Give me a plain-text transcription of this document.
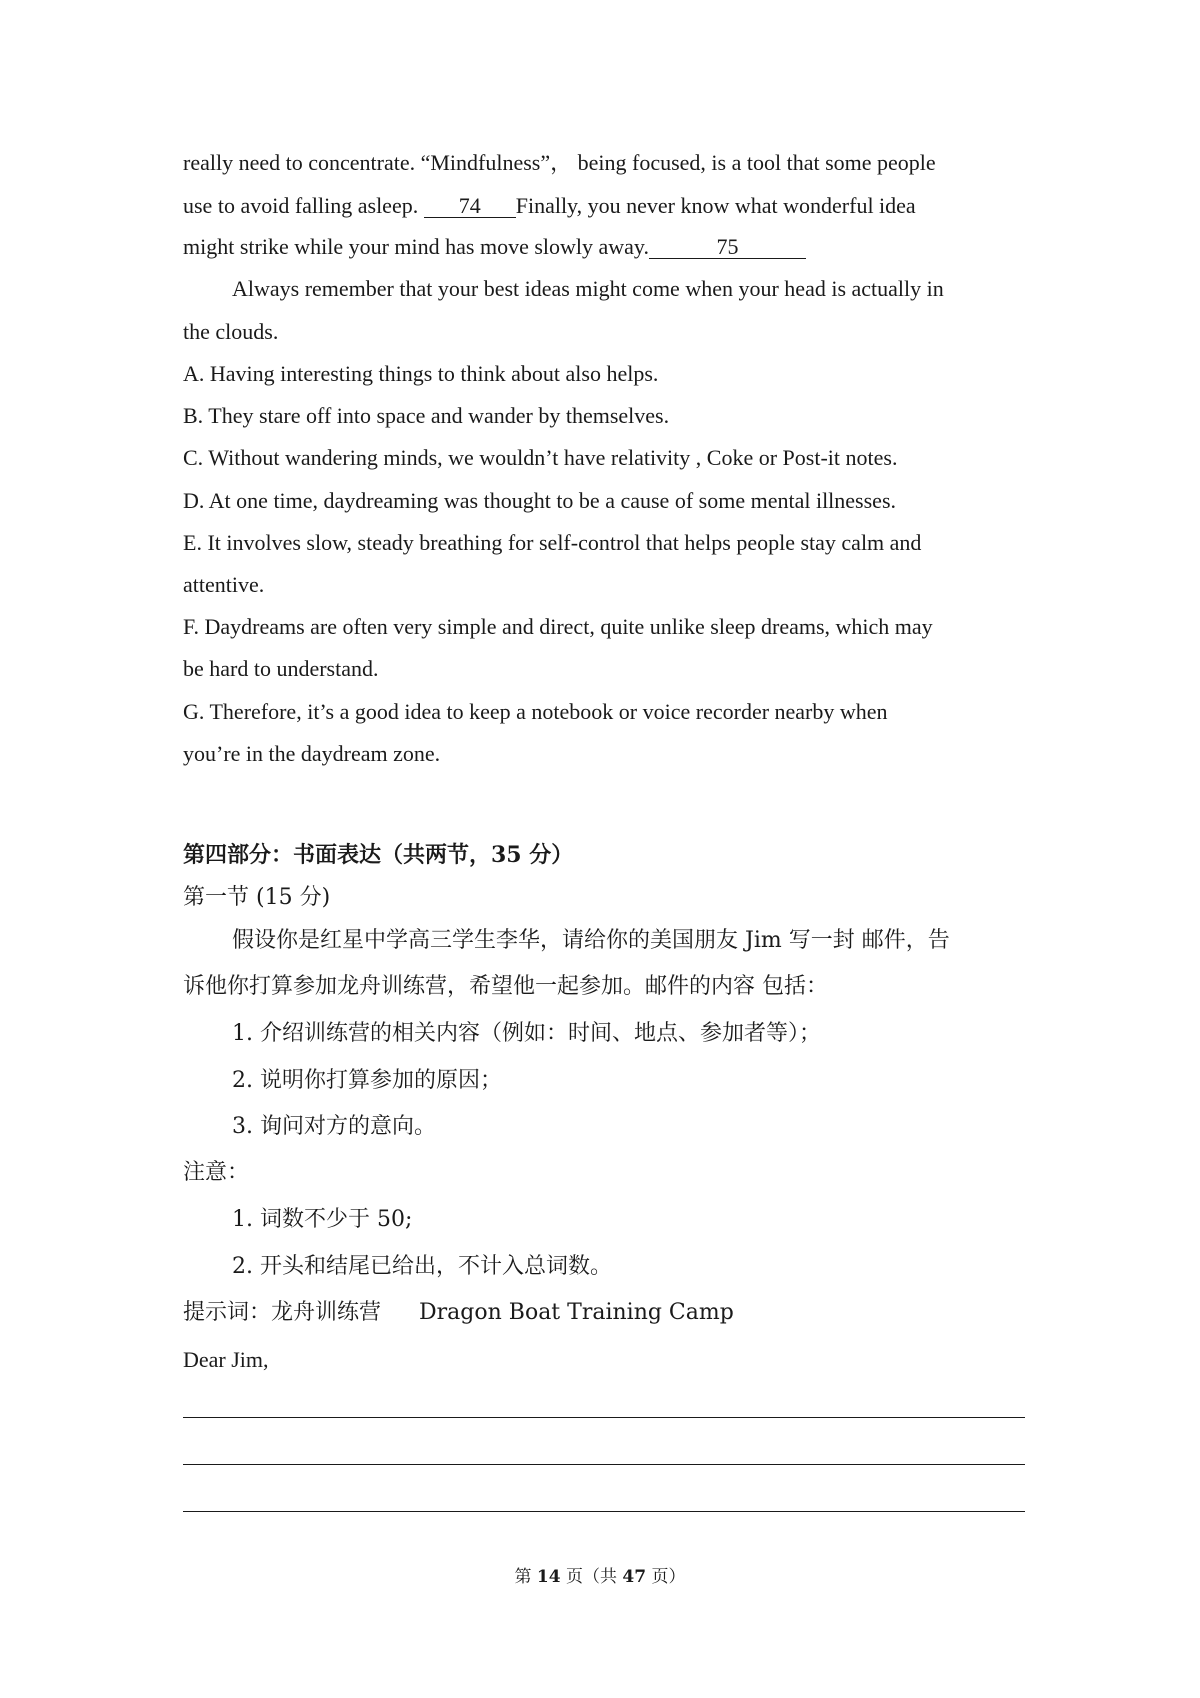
really need to concentrate. “Mindfulness”， being focused, is a tool that some people
use to avoid falling asleep. 74 Finally, you never know what wonderful idea
might strike while your mind has move slowly away.	75
Always remember that your best ideas might come when your head is actually in
the clouds.
A. Having interesting things to think about also helps.
B. They stare off into space and wander by themselves.
C. Without wandering minds, we wouldn’t have relativity , Coke or Post-it notes.
D. At one time, daydreaming was thought to be a cause of some mental illnesses.
E. It involves slow, steady breathing for self-control that helps people stay calm and
attentive.
F. Daydreams are often very simple and direct, quite unlike sleep dreams, which may
be hard to understand.
G. Therefore, it’s a good idea to keep a notebook or voice recorder nearby when
you’re in the daydream zone.
第四部分：书面表达（共两节，35 分）
第一节 (15 分)
假设你是红星中学高三学生李华，请给你的美国朋友 Jim 写一封 邮件，告
诉他你打算参加龙舟训练营，希望他一起参加。邮件的内容 包括：
1. 介绍训练营的相关内容（例如：时间、地点、参加者等）；
2. 说明你打算参加的原因；
3. 询问对方的意向。
注意：
1. 词数不少于 50;
2. 开头和结尾已给出，不计入总词数。
提示词：龙舟训练营 Dragon Boat Training Camp
Dear Jim,
第 14 页（共 47 页）
